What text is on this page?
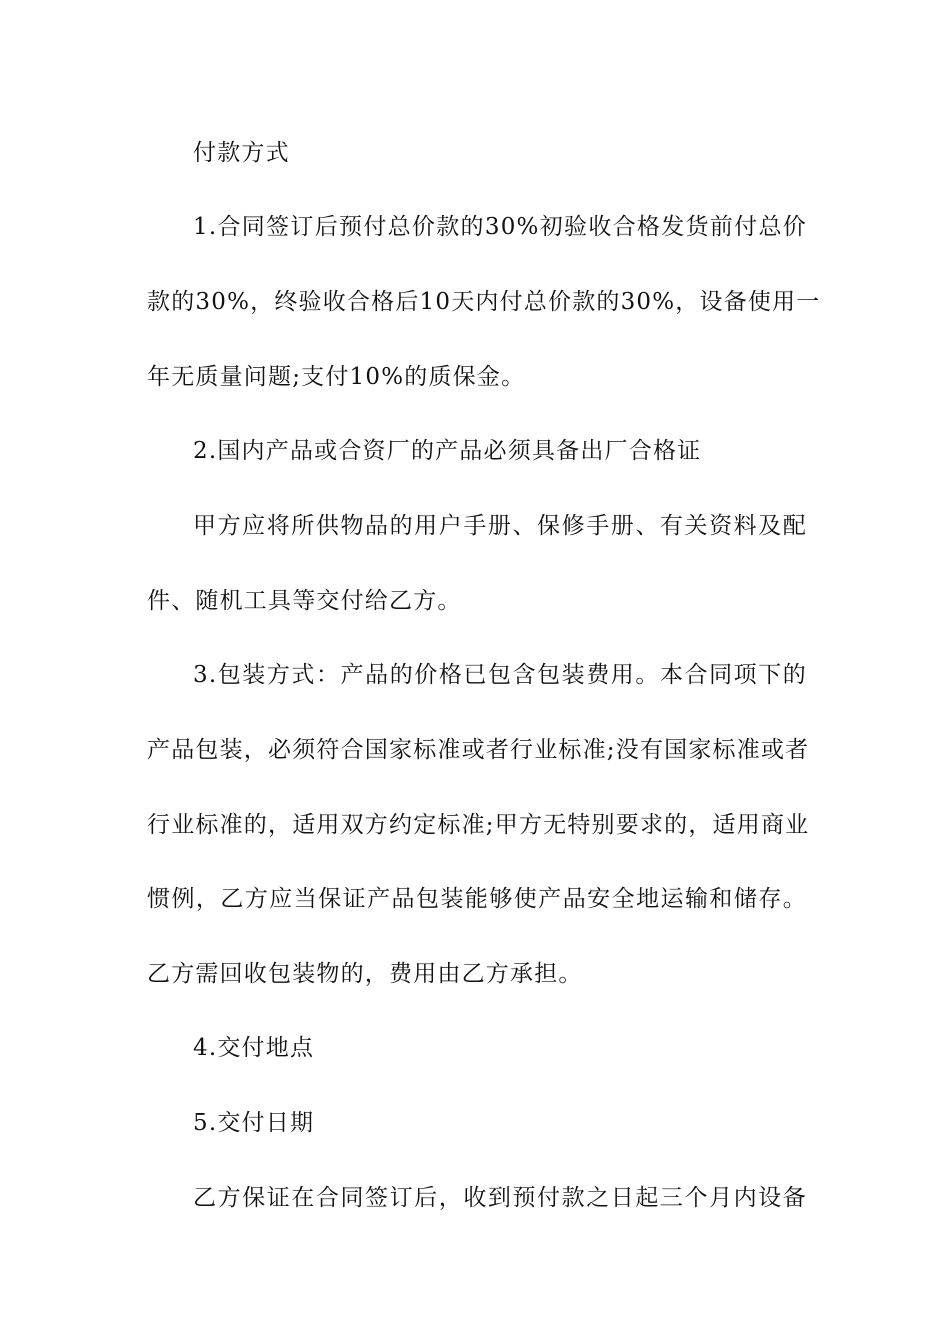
付款方式
1.合同签订后预付总价款的30%初验收合格发货前付总价
款的30%，终验收合格后10天内付总价款的30%，设备使用一
年无质量问题;支付10%的质保金。
2.国内产品或合资厂的产品必须具备出厂合格证
甲方应将所供物品的用户手册、保修手册、有关资料及配
件、随机工具等交付给乙方。
3.包装方式：产品的价格已包含包装费用。本合同项下的
产品包装，必须符合国家标准或者行业标准;没有国家标准或者
行业标准的，适用双方约定标准;甲方无特别要求的，适用商业
惯例，乙方应当保证产品包装能够使产品安全地运输和储存。
乙方需回收包装物的，费用由乙方承担。
4.交付地点
5.交付日期
乙方保证在合同签订后，收到预付款之日起三个月内设备
